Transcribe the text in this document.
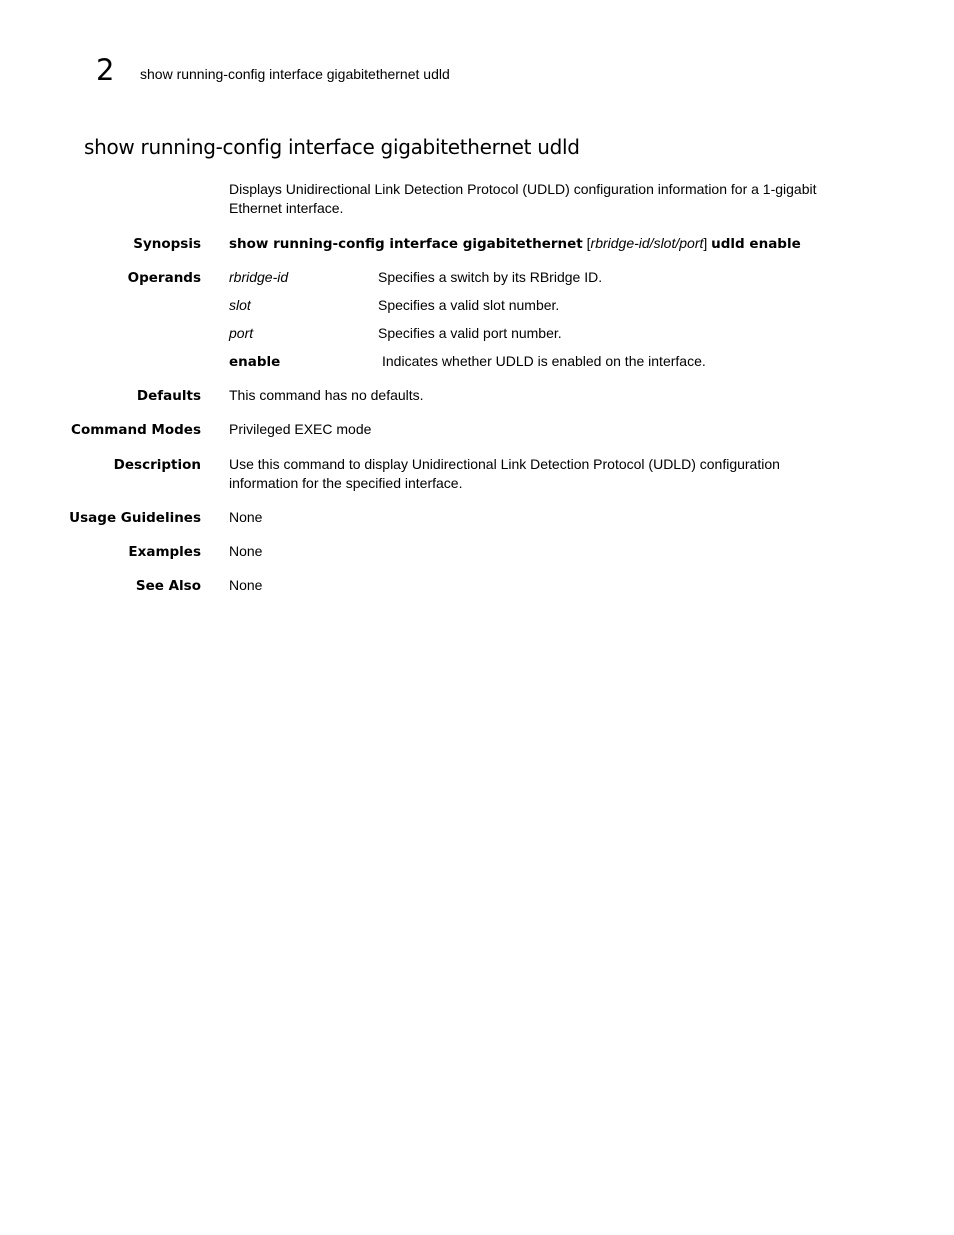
2 show running-config interface gigabitethernet udld
show running-config interface gigabitethernet udld
Displays Unidirectional Link Detection Protocol (UDLD) configuration information for a 1-gigabit Ethernet interface.
Synopsis show running-config interface gigabitethernet [rbridge-id/slot/port] udld enable
Operands rbridge-id	Specifies a switch by its RBridge ID.
slot	Specifies a valid slot number.
port	Specifies a valid port number.
enable	Indicates whether UDLD is enabled on the interface.
Defaults This command has no defaults.
Command Modes Privileged EXEC mode
Description Use this command to display Unidirectional Link Detection Protocol (UDLD) configuration information for the specified interface.
Usage Guidelines None
Examples None
See Also None
